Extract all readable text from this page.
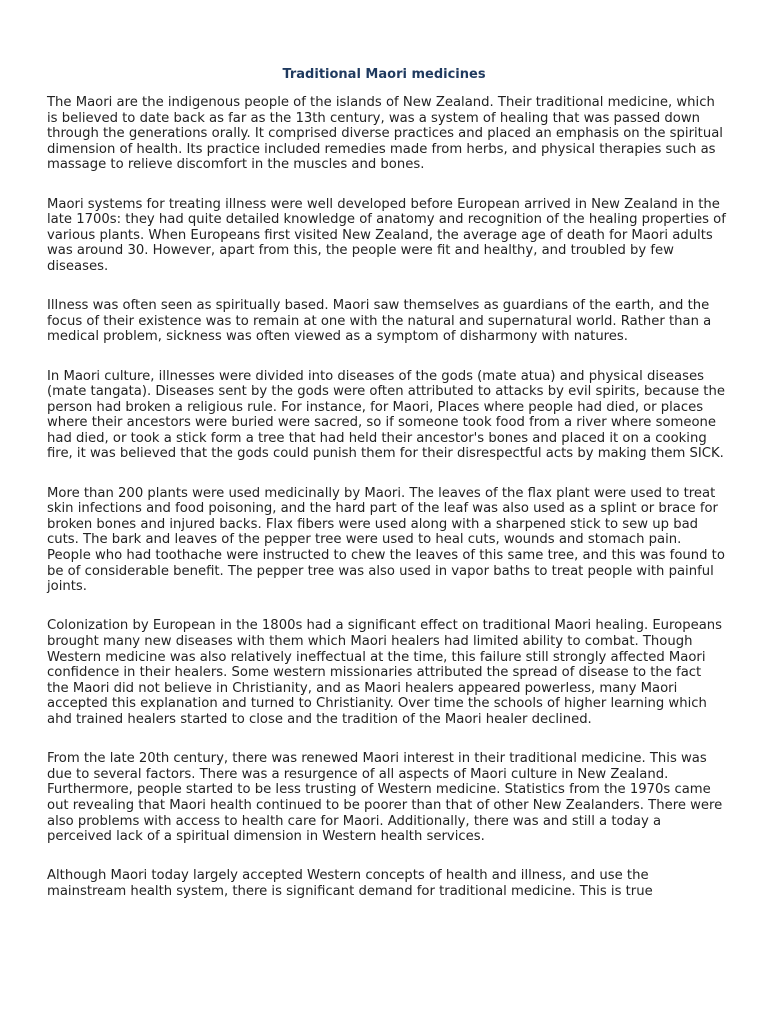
Traditional Maori medicines

The Maori are the indigenous people of the islands of New Zealand. Their traditional medicine, which is believed to date back as far as the 13th century, was a system of healing that was passed down through the generations orally. It comprised diverse practices and placed an emphasis on the spiritual dimension of health. Its practice included remedies made from herbs, and physical therapies such as massage to relieve discomfort in the muscles and bones.

Maori systems for treating illness were well developed before European arrived in New Zealand in the late 1700s: they had quite detailed knowledge of anatomy and recognition of the healing properties of various plants. When Europeans first visited New Zealand, the average age of death for Maori adults was around 30. However, apart from this, the people were fit and healthy, and troubled by few diseases.

Illness was often seen as spiritually based. Maori saw themselves as guardians of the earth, and the focus of their existence was to remain at one with the natural and supernatural world. Rather than a medical problem, sickness was often viewed as a symptom of disharmony with natures.

In Maori culture, illnesses were divided into diseases of the gods (mate atua) and physical diseases (mate tangata). Diseases sent by the gods were often attributed to attacks by evil spirits, because the person had broken a religious rule. For instance, for Maori, Places where people had died, or places where their ancestors were buried were sacred, so if someone took food from a river where someone had died, or took a stick form a tree that had held their ancestor's bones and placed it on a cooking fire, it was believed that the gods could punish them for their disrespectful acts by making them SICK.

More than 200 plants were used medicinally by Maori. The leaves of the flax plant were used to treat skin infections and food poisoning, and the hard part of the leaf was also used as a splint or brace for broken bones and injured backs. Flax fibers were used along with a sharpened stick to sew up bad cuts. The bark and leaves of the pepper tree were used to heal cuts, wounds and stomach pain. People who had toothache were instructed to chew the leaves of this same tree, and this was found to be of considerable benefit. The pepper tree was also used in vapor baths to treat people with painful joints.

Colonization by European in the 1800s had a significant effect on traditional Maori healing. Europeans brought many new diseases with them which Maori healers had limited ability to combat. Though Western medicine was also relatively ineffectual at the time, this failure still strongly affected Maori confidence in their healers. Some western missionaries attributed the spread of disease to the fact the Maori did not believe in Christianity, and as Maori healers appeared powerless, many Maori accepted this explanation and turned to Christianity. Over time the schools of higher learning which ahd trained healers started to close and the tradition of the Maori healer declined.

From the late 20th century, there was renewed Maori interest in their traditional medicine. This was due to several factors. There was a resurgence of all aspects of Maori culture in New Zealand. Furthermore, people started to be less trusting of Western medicine. Statistics from the 1970s came out revealing that Maori health continued to be poorer than that of other New Zealanders. There were also problems with access to health care for Maori. Additionally, there was and still a today a perceived lack of a spiritual dimension in Western health services.

Although Maori today largely accepted Western concepts of health and illness, and use the mainstream health system, there is significant demand for traditional medicine. This is true
